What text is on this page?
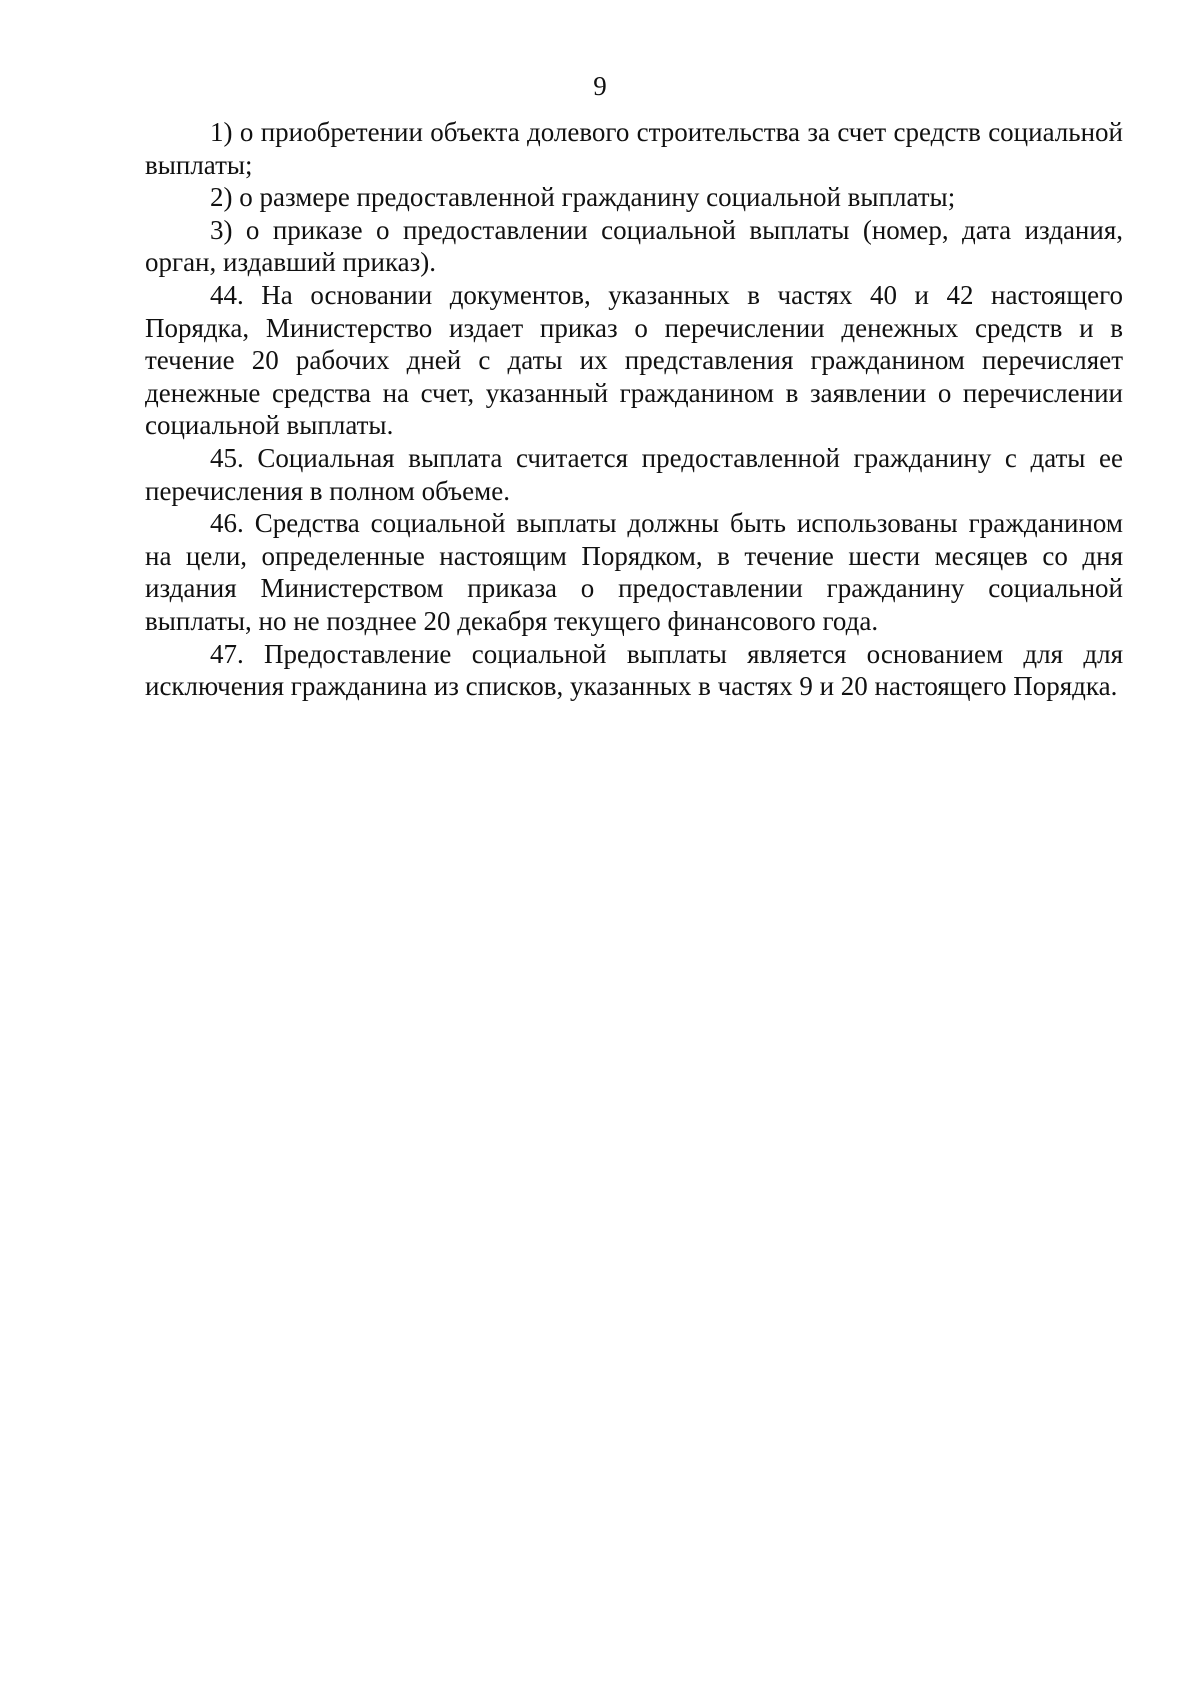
9

1) о приобретении объекта долевого строительства за счет средств социальной выплаты;

2) о размере предоставленной гражданину социальной выплаты;

3) о приказе о предоставлении социальной выплаты (номер, дата издания, орган, издавший приказ).

44. На основании документов, указанных в частях 40 и 42 настоящего Порядка, Министерство издает приказ о перечислении денежных средств и в течение 20 рабочих дней с даты их представления гражданином перечисляет денежные средства на счет, указанный гражданином в заявлении о перечислении социальной выплаты.

45. Социальная выплата считается предоставленной гражданину с даты ее перечисления в полном объеме.

46. Средства социальной выплаты должны быть использованы гражданином на цели, определенные настоящим Порядком, в течение шести месяцев со дня издания Министерством приказа о предоставлении гражданину социальной выплаты, но не позднее 20 декабря текущего финансового года.

47. Предоставление социальной выплаты является основанием для для исключения гражданина из списков, указанных в частях 9 и 20 настоящего Порядка.
